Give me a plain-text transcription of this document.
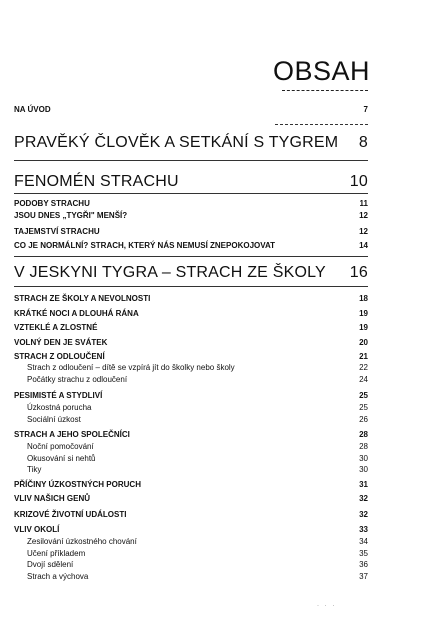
OBSAH
NA ÚVOD	7
PRAVĚKÝ ČLOVĚK A SETKÁNÍ S TYGREM 8
FENOMÉN STRACHU	10
PODOBY STRACHU	11
JSOU DNES „TYGŘI" MENŠÍ?	12
TAJEMSTVÍ STRACHU	12
CO JE NORMÁLNÍ? STRACH, KTERÝ NÁS NEMUSÍ ZNEPOKOJOVAT	14
V JESKYNI TYGRA – STRACH ZE ŠKOLY 16
STRACH ZE ŠKOLY A NEVOLNOSTI	18
KRÁTKÉ NOCI A DLOUHÁ RÁNA	19
VZTEKLÉ A ZLOSTNÉ	19
VOLNÝ DEN JE SVÁTEK	20
STRACH Z ODLOUČENÍ	21
Strach z odloučení – dítě se vzpírá jít do školky nebo školy	22
Počátky strachu z odloučení	24
PESIMISTÉ A STYDLIVÍ	25
Úzkostná porucha	25
Sociální úzkost	26
STRACH A JEHO SPOLEČNÍCI	28
Noční pomočování	28
Okusování si nehtů	30
Tiky	30
PŘÍČINY ÚZKOSTNÝCH PORUCH	31
VLIV NAŠICH GENŮ	32
KRIZOVÉ ŽIVOTNÍ UDÁLOSTI	32
VLIV OKOLÍ	33
Zesilování úzkostného chování	34
Učení příkladem	35
Dvojí sdělení	36
Strach a výchova	37
· · ·
